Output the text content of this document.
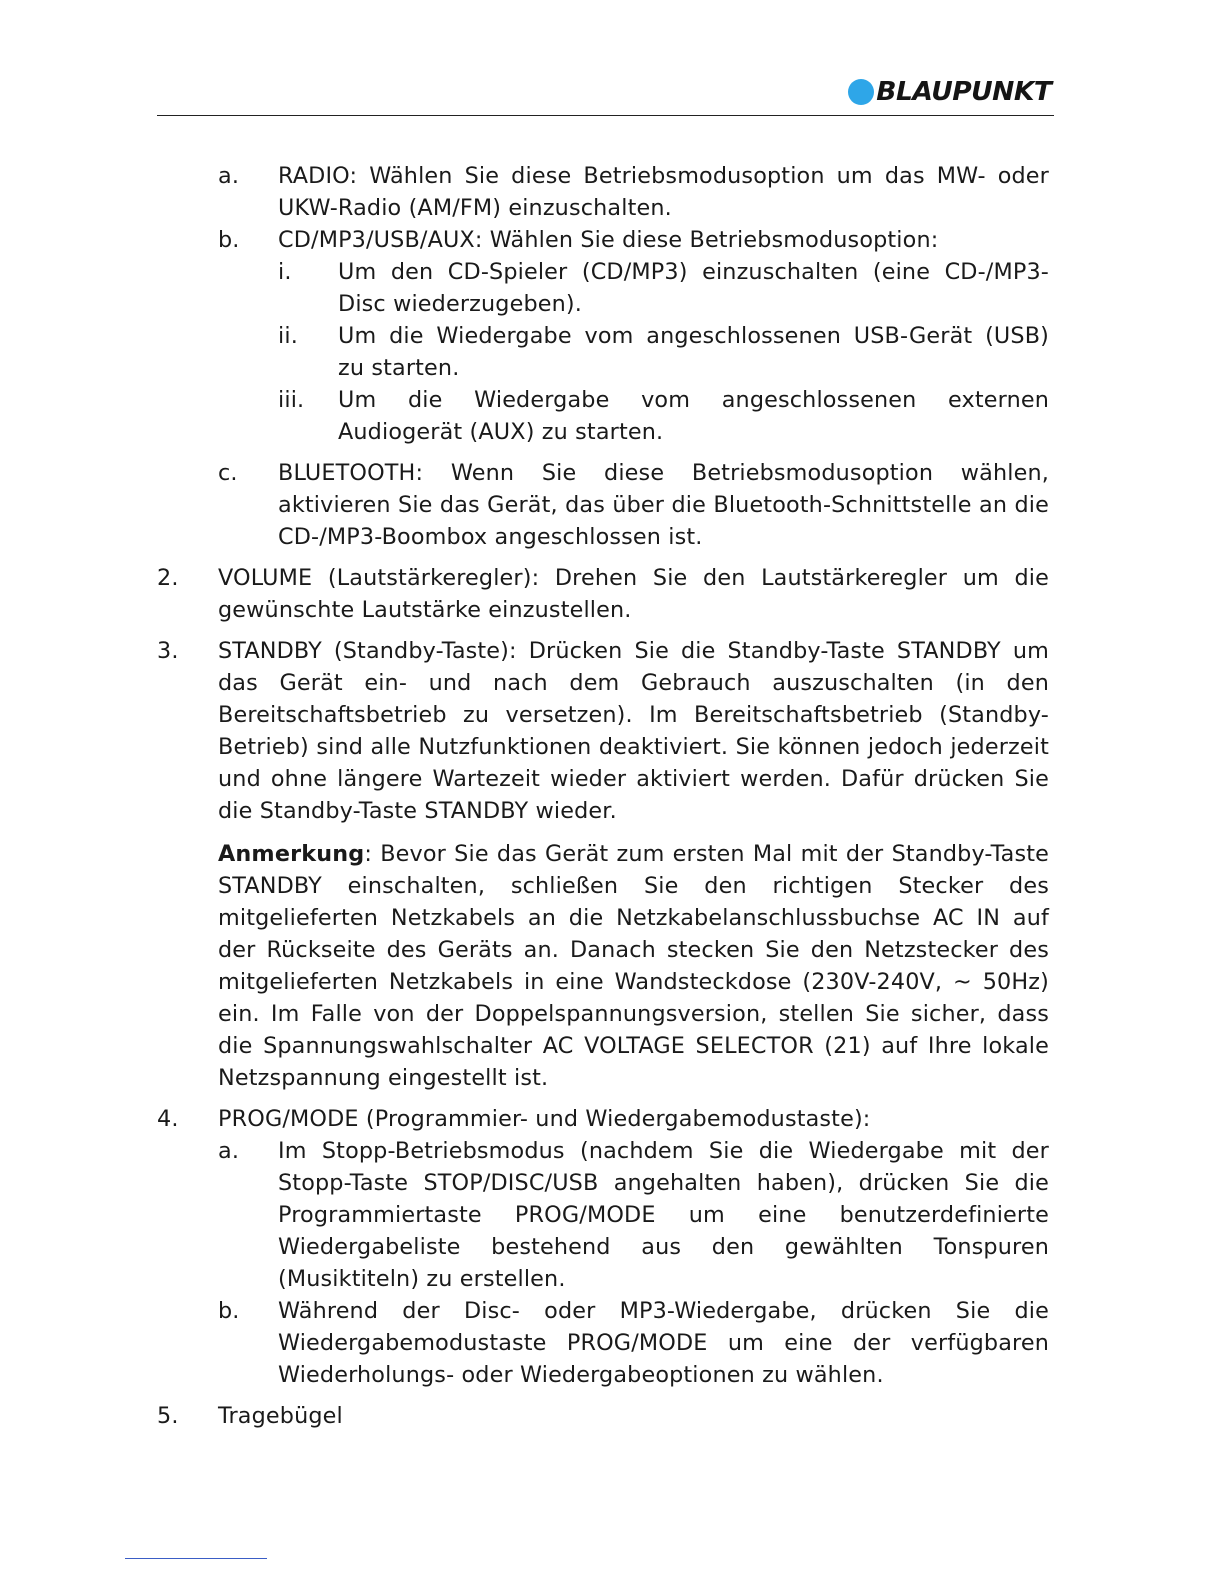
BLAUPUNKT
a. RADIO: Wählen Sie diese Betriebsmodusoption um das MW- oder UKW-Radio (AM/FM) einzuschalten.
b. CD/MP3/USB/AUX: Wählen Sie diese Betriebsmodusoption:
i. Um den CD-Spieler (CD/MP3) einzuschalten (eine CD-/MP3-Disc wiederzugeben).
ii. Um die Wiedergabe vom angeschlossenen USB-Gerät (USB) zu starten.
iii. Um die Wiedergabe vom angeschlossenen externen Audiogerät (AUX) zu starten.
c. BLUETOOTH: Wenn Sie diese Betriebsmodusoption wählen, aktivieren Sie das Gerät, das über die Bluetooth-Schnittstelle an die CD-/MP3-Boombox angeschlossen ist.
2. VOLUME (Lautstärkeregler): Drehen Sie den Lautstärkeregler um die gewünschte Lautstärke einzustellen.
3. STANDBY (Standby-Taste): Drücken Sie die Standby-Taste STANDBY um das Gerät ein- und nach dem Gebrauch auszuschalten (in den Bereitschaftsbetrieb zu versetzen). Im Bereitschaftsbetrieb (Standby-Betrieb) sind alle Nutzfunktionen deaktiviert. Sie können jedoch jederzeit und ohne längere Wartezeit wieder aktiviert werden. Dafür drücken Sie die Standby-Taste STANDBY wieder.
Anmerkung: Bevor Sie das Gerät zum ersten Mal mit der Standby-Taste STANDBY einschalten, schließen Sie den richtigen Stecker des mitgelieferten Netzkabels an die Netzkabelanschlussbuchse AC IN auf der Rückseite des Geräts an. Danach stecken Sie den Netzstecker des mitgelieferten Netzkabels in eine Wandsteckdose (230V-240V, ~ 50Hz) ein. Im Falle von der Doppelspannungsversion, stellen Sie sicher, dass die Spannungswahlschalter AC VOLTAGE SELECTOR (21) auf Ihre lokale Netzspannung eingestellt ist.
4. PROG/MODE (Programmier- und Wiedergabemodustaste):
a. Im Stopp-Betriebsmodus (nachdem Sie die Wiedergabe mit der Stopp-Taste STOP/DISC/USB angehalten haben), drücken Sie die Programmiertaste PROG/MODE um eine benutzerdefinierte Wiedergabeliste bestehend aus den gewählten Tonspuren (Musiktiteln) zu erstellen.
b. Während der Disc- oder MP3-Wiedergabe, drücken Sie die Wiedergabemodustaste PROG/MODE um eine der verfügbaren Wiederholungs- oder Wiedergabeoptionen zu wählen.
5. Tragebügel
